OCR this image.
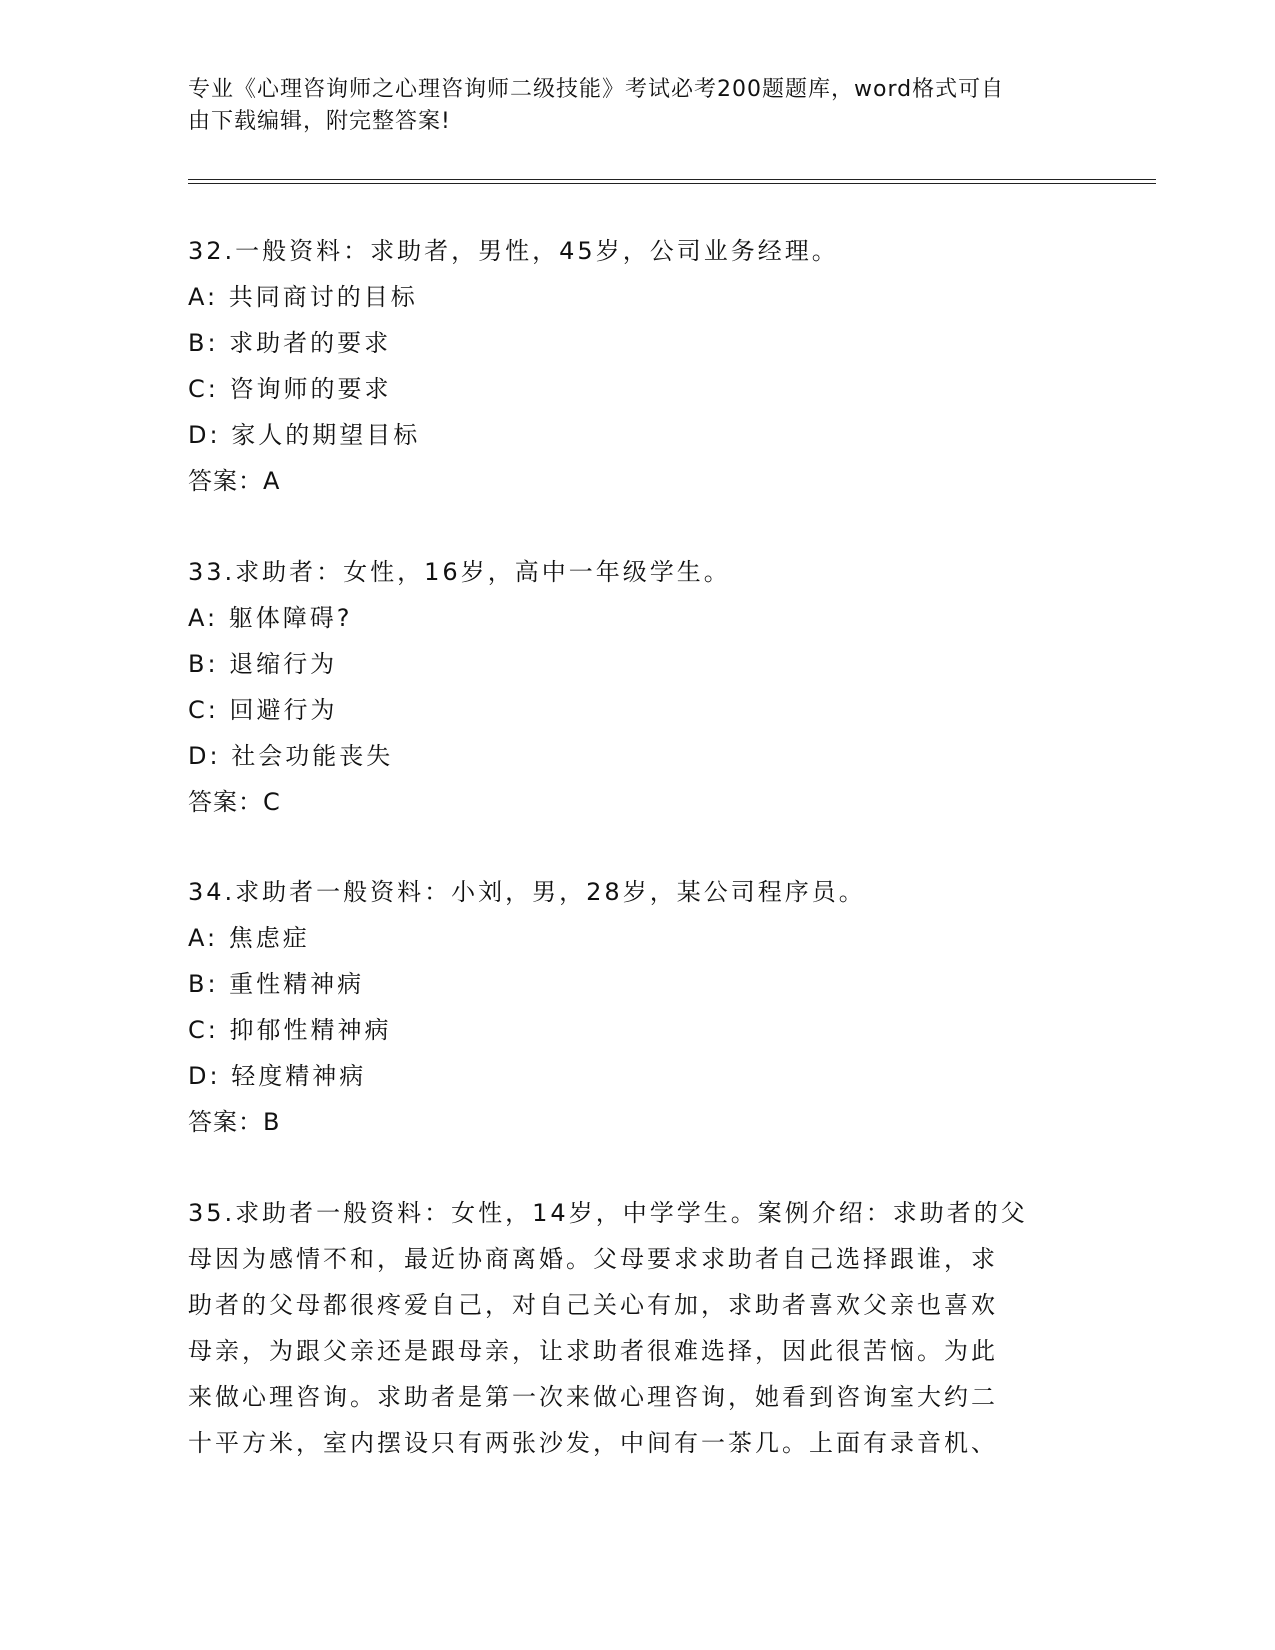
专业《心理咨询师之心理咨询师二级技能》考试必考200题题库，word格式可自
由下载编辑，附完整答案!
32.一般资料：求助者，男性，45岁，公司业务经理。
A: 共同商讨的目标
B: 求助者的要求
C: 咨询师的要求
D: 家人的期望目标
答案：A
33.求助者：女性，16岁，高中一年级学生。
A: 躯体障碍?
B: 退缩行为
C: 回避行为
D: 社会功能丧失
答案：C
34.求助者一般资料：小刘，男，28岁，某公司程序员。
A: 焦虑症
B: 重性精神病
C: 抑郁性精神病
D: 轻度精神病
答案：B
35.求助者一般资料：女性，14岁，中学学生。案例介绍：求助者的父
母因为感情不和，最近协商离婚。父母要求求助者自己选择跟谁，求
助者的父母都很疼爱自己，对自己关心有加，求助者喜欢父亲也喜欢
母亲，为跟父亲还是跟母亲，让求助者很难选择，因此很苦恼。为此
来做心理咨询。求助者是第一次来做心理咨询，她看到咨询室大约二
十平方米，室内摆设只有两张沙发，中间有一茶几。上面有录音机、
